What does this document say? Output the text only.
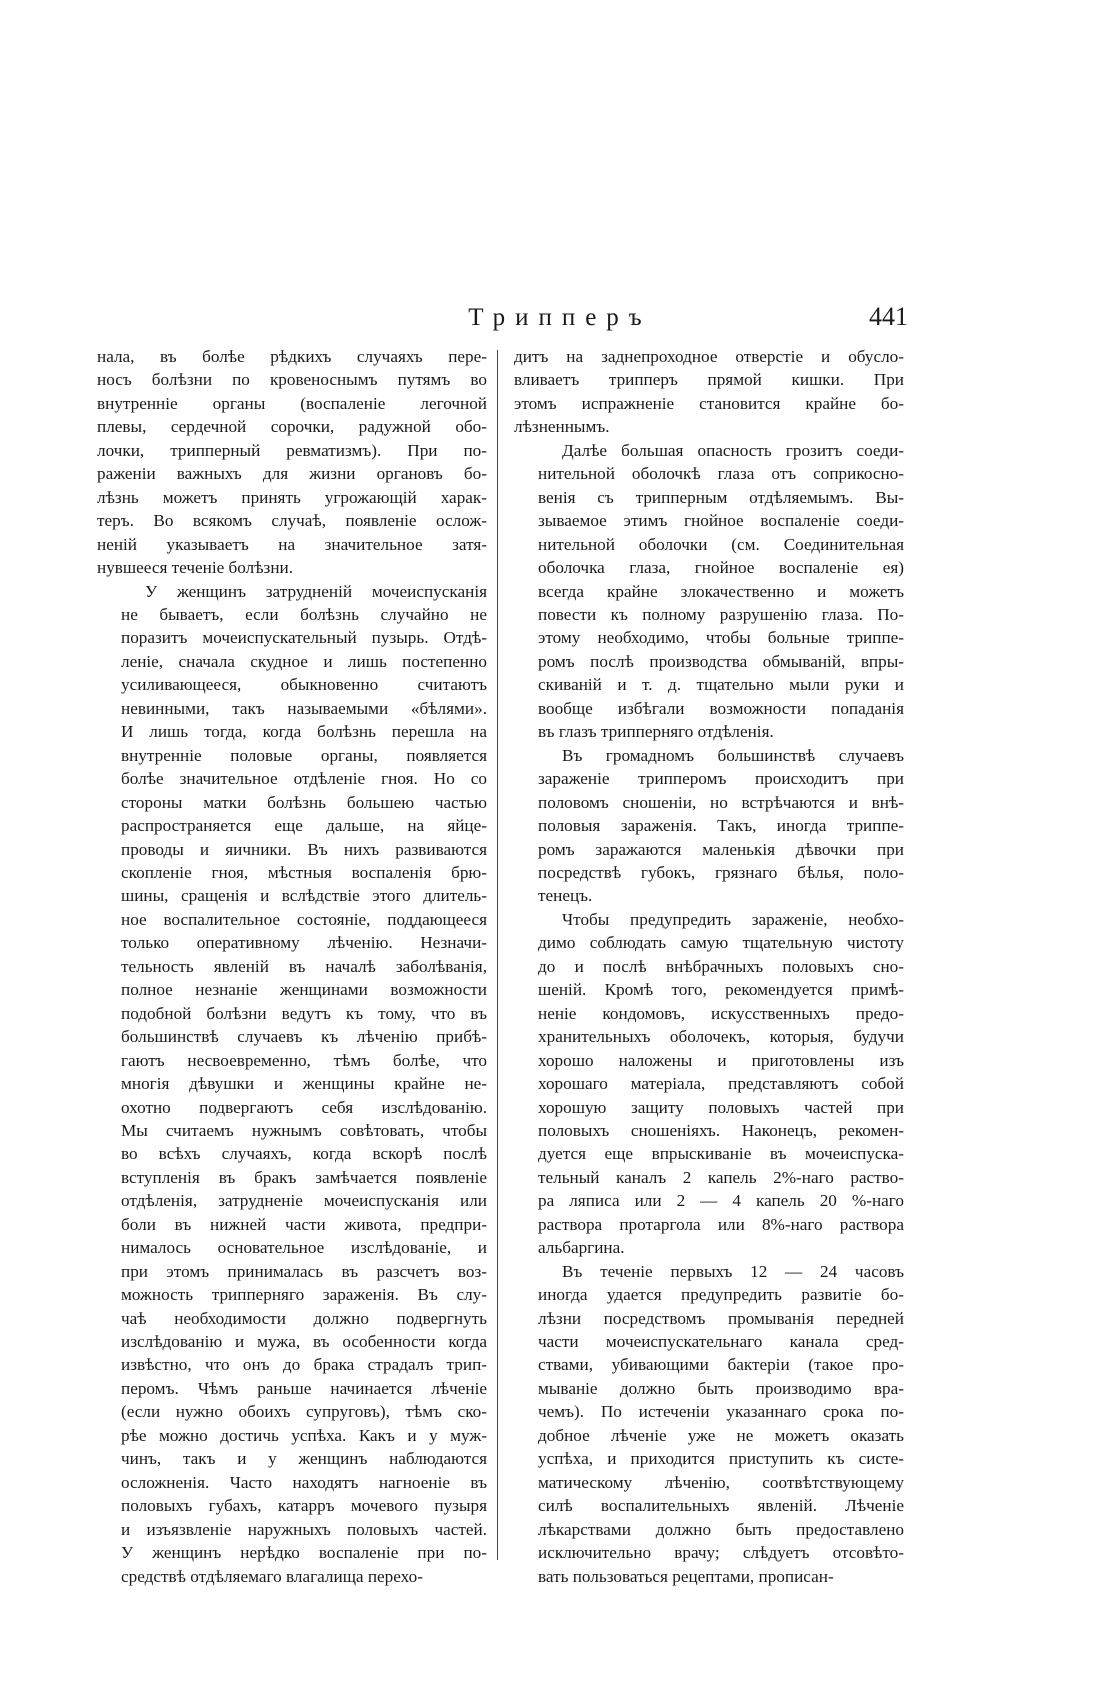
Трипперъ	441

нала, въ болѣе рѣдкихъ случаяхъ пере-
носъ болѣзни по кровеноснымъ путямъ во
внутренніе органы (воспаленіе легочной
плевы, сердечной сорочки, радужной обо-
лочки, трипперный ревматизмъ). При по-
раженіи важныхъ для жизни органовъ бо-
лѣзнь можетъ принять угрожающій харак-
теръ. Во всякомъ случаѣ, появленіе ослож-
неній указываетъ на значительное затя-
нувшееся теченіе болѣзни.

У женщинъ затрудненій мочеиспусканія
не бываетъ, если болѣзнь случайно не
поразитъ мочеиспускательный пузырь. Отдѣ-
леніе, сначала скудное и лишь постепенно
усиливающееся, обыкновенно считаютъ
невинными, такъ называемыми «бѣлями».
И лишь тогда, когда болѣзнь перешла на
внутренніе половые органы, появляется
болѣе значительное отдѣленіе гноя. Но со
стороны матки болѣзнь большею частью
распространяется еще дальше, на яйце-
проводы и яичники. Въ нихъ развиваются
скопленіе гноя, мѣстныя воспаленія брю-
шины, сращенія и вслѣдствіе этого длитель-
ное воспалительное состояніе, поддающееся
только оперативному лѣченію. Незначи-
тельность явленій въ началѣ заболѣванія,
полное незнаніе женщинами возможности
подобной болѣзни ведутъ къ тому, что въ
большинствѣ случаевъ къ лѣченію прибѣ-
гаютъ несвоевременно, тѣмъ болѣе, что
многія дѣвушки и женщины крайне не-
охотно подвергаютъ себя изслѣдованію.
Мы считаемъ нужнымъ совѣтовать, чтобы
во всѣхъ случаяхъ, когда вскорѣ послѣ
вступленія въ бракъ замѣчается появленіе
отдѣленія, затрудненіе мочеиспусканія или
боли въ нижней части живота, предпри-
нималось основательное изслѣдованіе, и
при этомъ принималась въ разсчетъ воз-
можность трипперняго зараженія. Въ слу-
чаѣ необходимости должно подвергнуть
изслѣдованію и мужа, въ особенности когда
извѣстно, что онъ до брака страдалъ трип-
перомъ. Чѣмъ раньше начинается лѣченіе
(если нужно обоихъ супруговъ), тѣмъ ско-
рѣе можно достичь успѣха. Какъ и у муж-
чинъ, такъ и у женщинъ наблюдаются
осложненія. Часто находятъ нагноеніе въ
половыхъ губахъ, катарръ мочевого пузыря
и изъязвленіе наружныхъ половыхъ частей.
У женщинъ нерѣдко воспаленіе при по-
средствѣ отдѣляемаго влагалища перехо-

дитъ на заднепроходное отверстіе и обусло-
вливаетъ трипперъ прямой кишки. При
этомъ испражненіе становится крайне бо-
лѣзненнымъ.

Далѣе большая опасность грозитъ соеди-
нительной оболочкѣ глаза отъ соприкосно-
венія съ трипперным отдѣляемымъ. Вы-
зываемое этимъ гнойное воспаленіе соеди-
нительной оболочки (см. Соединительная
оболочка глаза, гнойное воспаленіе ея)
всегда крайне злокачественно и можетъ
повести къ полному разрушенію глаза. По-
этому необходимо, чтобы больные триппе-
ромъ послѣ производства обмываній, впры-
скиваній и т. д. тщательно мыли руки и
вообще избѣгали возможности попаданія
въ глазъ трипперняго отдѣленія.

Въ громадномъ большинствѣ случаевъ
зараженіе трипперомъ происходитъ при
половомъ сношеніи, но встрѣчаются и внѣ-
половыя зараженія. Такъ, иногда триппе-
ромъ заражаются маленькія дѣвочки при
посредствѣ губокъ, грязнаго бѣлья, поло-
тенецъ.

Чтобы предупредить зараженіе, необхо-
димо соблюдать самую тщательную чистоту
до и послѣ внѣбрачныхъ половыхъ сно-
шеній. Кромѣ того, рекомендуется примѣ-
неніе кондомовъ, искусственныхъ предо-
хранительныхъ оболочекъ, которыя, будучи
хорошо наложены и приготовлены изъ
хорошаго матеріала, представляютъ собой
хорошую защиту половыхъ частей при
половыхъ сношеніяхъ. Наконецъ, рекомен-
дуется еще впрыскиваніе въ мочеиспуска-
тельный каналъ 2 капель 2%-наго раство-
ра ляписа или 2 — 4 капель 20 %-наго
раствора протаргола или 8%-наго раствора
альбаргина.

Въ теченіе первыхъ 12 — 24 часовъ
иногда удается предупредить развитіе бо-
лѣзни посредствомъ промыванія передней
части мочеиспускательнаго канала сред-
ствами, убивающими бактеріи (такое про-
мываніе должно быть производимо вра-
чемъ). По истеченіи указаннаго срока по-
добное лѣченіе уже не можетъ оказать
успѣха, и приходится приступить къ систе-
матическому лѣченію, соотвѣтствующему
силѣ воспалительныхъ явленій. Лѣченіе
лѣкарствами должно быть предоставлено
исключительно врачу; слѣдуетъ отсовѣто-
вать пользоваться рецептами, прописан-
